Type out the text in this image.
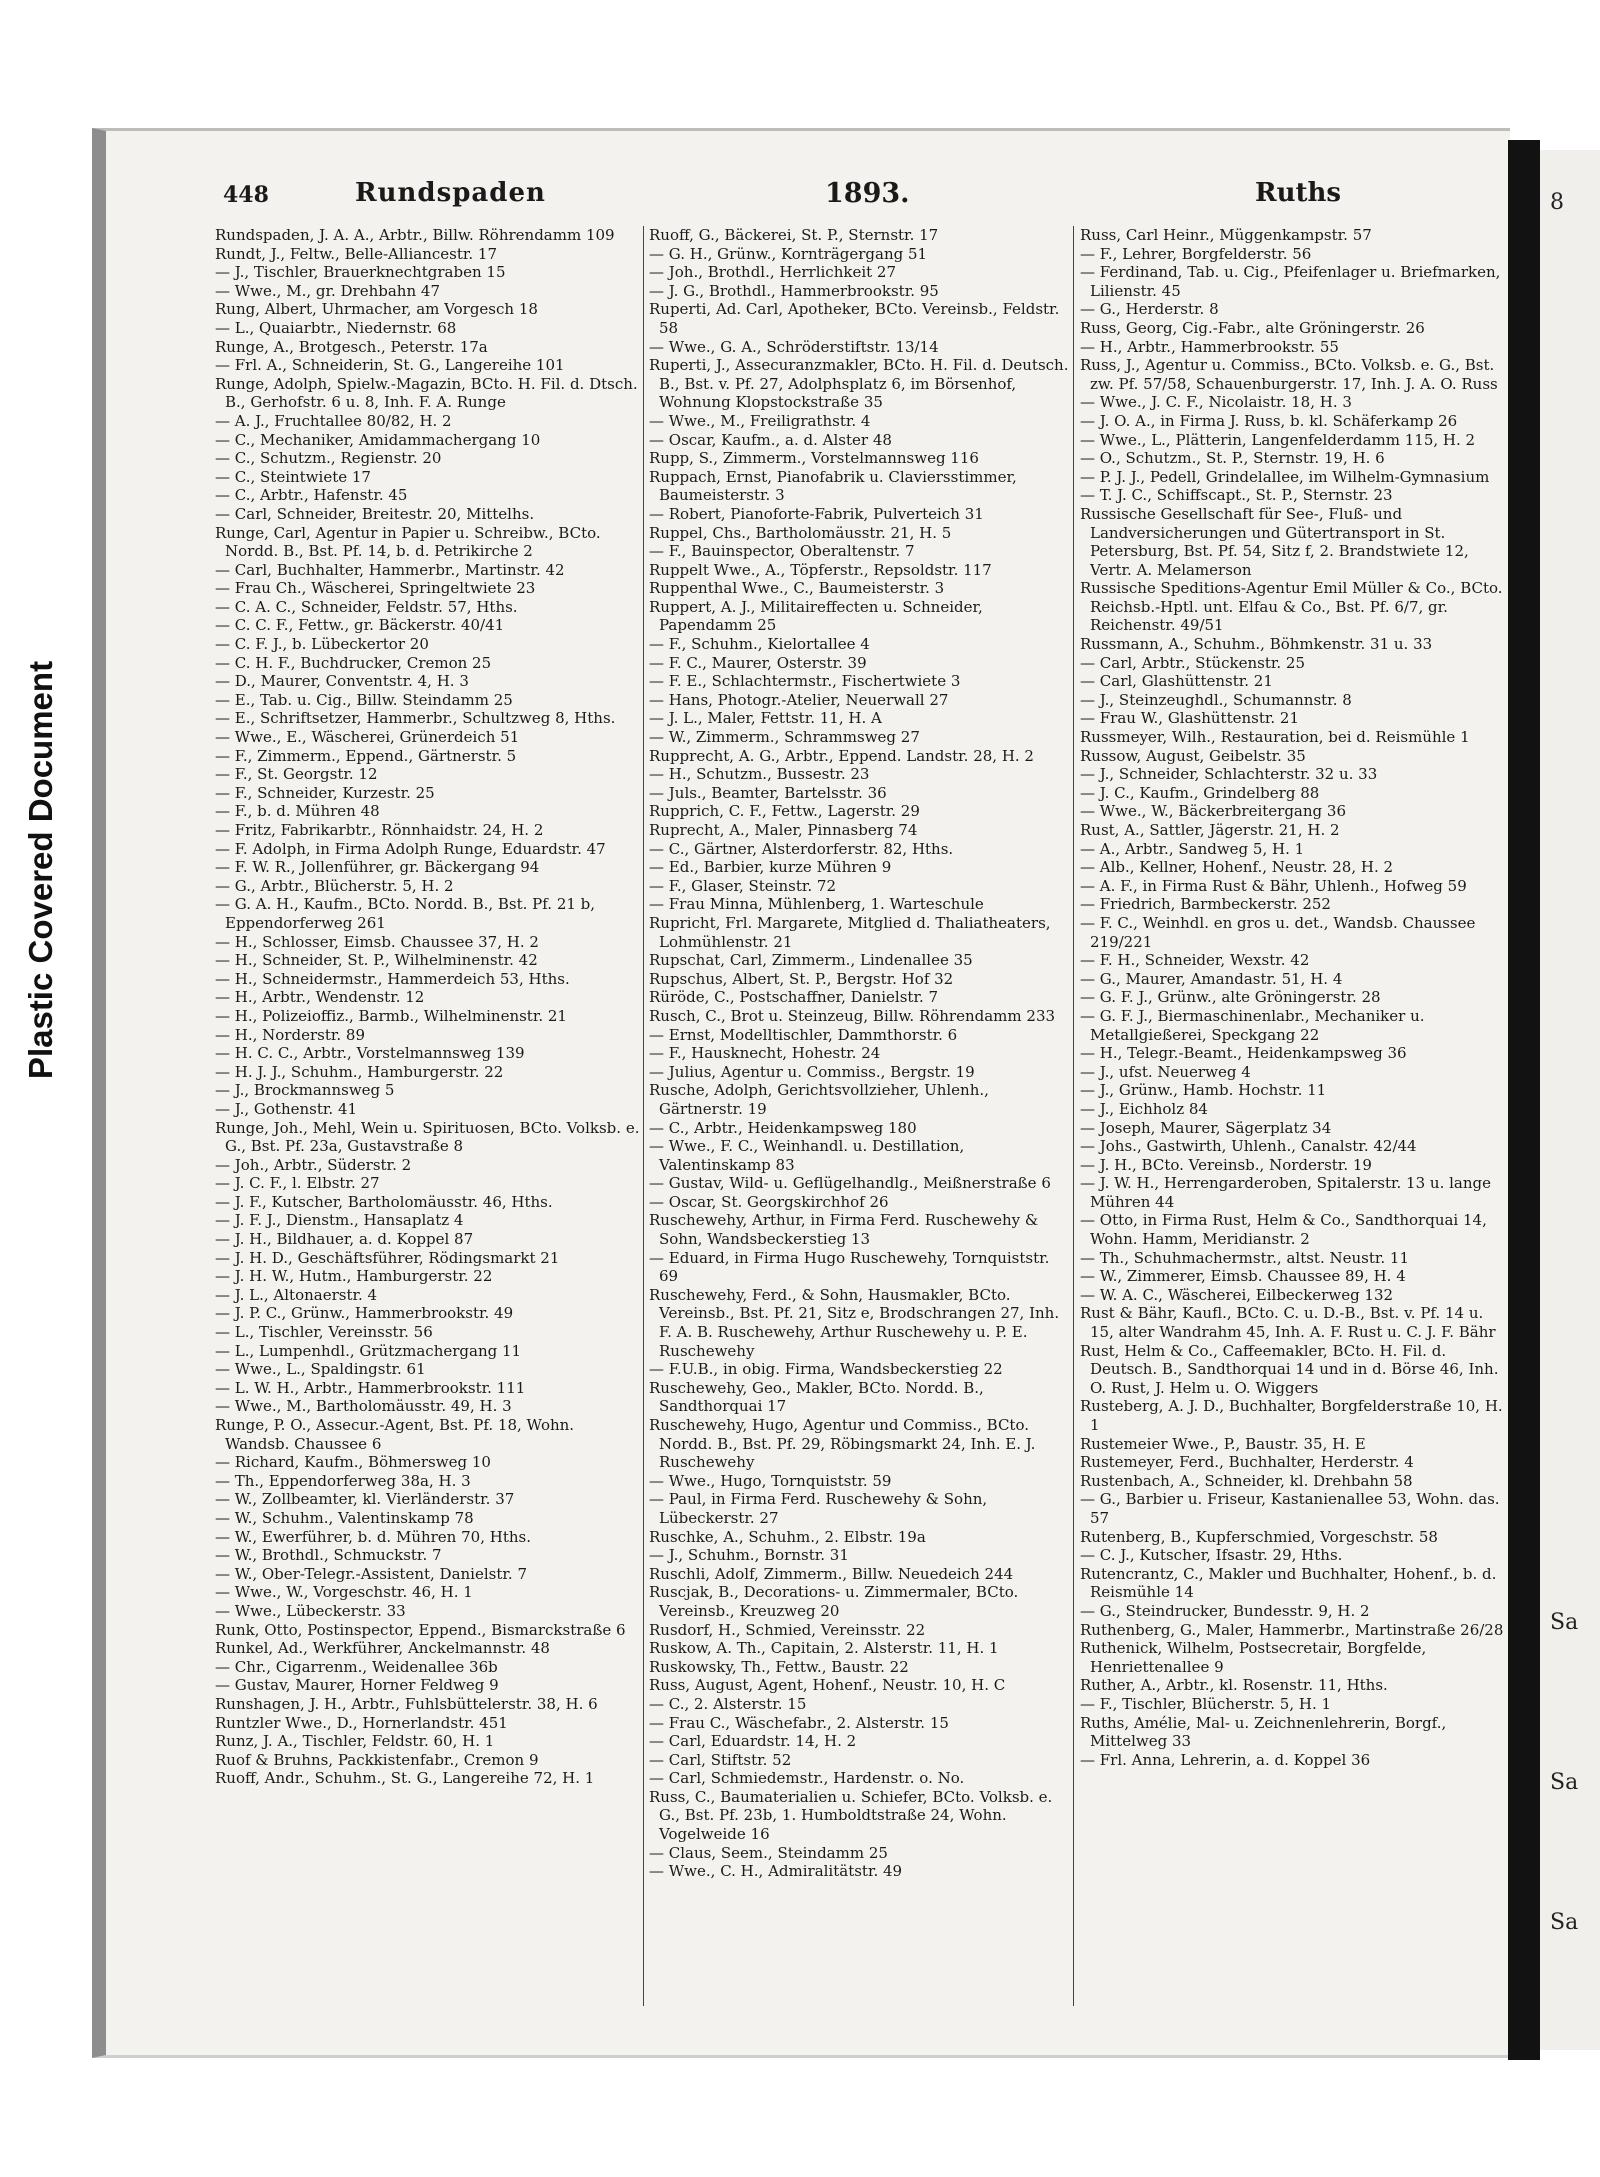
Plastic Covered Document
8
Sa
Sa
Sa
448	Rundspaden	1893.	Ruths
Rundspaden, J. A. A., Arbtr., Billw. Röhrendamm 109
Rundt, J., Feltw., Belle-Alliancestr. 17
— J., Tischler, Brauerknechtgraben 15
— Wwe., M., gr. Drehbahn 47
Rung, Albert, Uhrmacher, am Vorgesch 18
— L., Quaiarbtr., Niedernstr. 68
Runge, A., Brotgesch., Peterstr. 17a
— Frl. A., Schneiderin, St. G., Langereihe 101
Runge, Adolph, Spielw.-Magazin, BCto. H. Fil. d. Dtsch. B., Gerhofstr. 6 u. 8, Inh. F. A. Runge
— A. J., Fruchtallee 80/82, H. 2
— C., Mechaniker, Amidammachergang 10
— C., Schutzm., Regienstr. 20
— C., Steintwiete 17
— C., Arbtr., Hafenstr. 45
— Carl, Schneider, Breitestr. 20, Mittelhs.
Runge, Carl, Agentur in Papier u. Schreibw., BCto. Nordd. B., Bst. Pf. 14, b. d. Petrikirche 2
— Carl, Buchhalter, Hammerbr., Martinstr. 42
— Frau Ch., Wäscherei, Springeltwiete 23
— C. A. C., Schneider, Feldstr. 57, Hths.
— C. C. F., Fettw., gr. Bäckerstr. 40/41
— C. F. J., b. Lübeckertor 20
— C. H. F., Buchdrucker, Cremon 25
— D., Maurer, Conventstr. 4, H. 3
— E., Tab. u. Cig., Billw. Steindamm 25
— E., Schriftsetzer, Hammerbr., Schultzweg 8, Hths.
— Wwe., E., Wäscherei, Grünerdeich 51
— F., Zimmerm., Eppend., Gärtnerstr. 5
— F., St. Georgstr. 12
— F., Schneider, Kurzestr. 25
— F., b. d. Mühren 48
— Fritz, Fabrikarbtr., Rönnhaidstr. 24, H. 2
— F. Adolph, in Firma Adolph Runge, Eduardstr. 47
— F. W. R., Jollenführer, gr. Bäckergang 94
— G., Arbtr., Blücherstr. 5, H. 2
— G. A. H., Kaufm., BCto. Nordd. B., Bst. Pf. 21 b, Eppendorferweg 261
— H., Schlosser, Eimsb. Chaussee 37, H. 2
— H., Schneider, St. P., Wilhelminenstr. 42
— H., Schneidermstr., Hammerdeich 53, Hths.
— H., Arbtr., Wendenstr. 12
— H., Polizeioffiz., Barmb., Wilhelminenstr. 21
— H., Norderstr. 89
— H. C. C., Arbtr., Vorstelmannsweg 139
— H. J. J., Schuhm., Hamburgerstr. 22
— J., Brockmannsweg 5
— J., Gothenstr. 41
Runge, Joh., Mehl, Wein u. Spirituosen, BCto. Volksb. e. G., Bst. Pf. 23a, Gustavstraße 8
— Joh., Arbtr., Süderstr. 2
— J. C. F., l. Elbstr. 27
— J. F., Kutscher, Bartholomäusstr. 46, Hths.
— J. F. J., Dienstm., Hansaplatz 4
— J. H., Bildhauer, a. d. Koppel 87
— J. H. D., Geschäftsführer, Rödingsmarkt 21
— J. H. W., Hutm., Hamburgerstr. 22
— J. L., Altonaerstr. 4
— J. P. C., Grünw., Hammerbrookstr. 49
— L., Tischler, Vereinsstr. 56
— L., Lumpenhdl., Grützmachergang 11
— Wwe., L., Spaldingstr. 61
— L. W. H., Arbtr., Hammerbrookstr. 111
— Wwe., M., Bartholomäusstr. 49, H. 3
Runge, P. O., Assecur.-Agent, Bst. Pf. 18, Wohn. Wandsb. Chaussee 6
— Richard, Kaufm., Böhmersweg 10
— Th., Eppendorferweg 38a, H. 3
— W., Zollbeamter, kl. Vierländerstr. 37
— W., Schuhm., Valentinskamp 78
— W., Ewerführer, b. d. Mühren 70, Hths.
— W., Brothdl., Schmuckstr. 7
— W., Ober-Telegr.-Assistent, Danielstr. 7
— Wwe., W., Vorgeschstr. 46, H. 1
— Wwe., Lübeckerstr. 33
Runk, Otto, Postinspector, Eppend., Bismarckstraße 6
Runkel, Ad., Werkführer, Anckelmannstr. 48
— Chr., Cigarrenm., Weidenallee 36b
— Gustav, Maurer, Horner Feldweg 9
Runshagen, J. H., Arbtr., Fuhlsbüttelerstr. 38, H. 6
Runtzler Wwe., D., Hornerlandstr. 451
Runz, J. A., Tischler, Feldstr. 60, H. 1
Ruof & Bruhns, Packkistenfabr., Cremon 9
Ruoff, Andr., Schuhm., St. G., Langereihe 72, H. 1
Ruoff, G., Bäckerei, St. P., Sternstr. 17
— G. H., Grünw., Kornträgergang 51
— Joh., Brothdl., Herrlichkeit 27
— J. G., Brothdl., Hammerbrookstr. 95
Ruperti, Ad. Carl, Apotheker, BCto. Vereinsb., Feldstr. 58
— Wwe., G. A., Schröderstiftstr. 13/14
Ruperti, J., Assecuranzmakler, BCto. H. Fil. d. Deutsch. B., Bst. v. Pf. 27, Adolphsplatz 6, im Börsenhof, Wohnung Klopstockstraße 35
— Wwe., M., Freiligrathstr. 4
— Oscar, Kaufm., a. d. Alster 48
Rupp, S., Zimmerm., Vorstelmannsweg 116
Ruppach, Ernst, Pianofabrik u. Claviersstimmer, Baumeisterstr. 3
— Robert, Pianoforte-Fabrik, Pulverteich 31
Ruppel, Chs., Bartholomäusstr. 21, H. 5
— F., Bauinspector, Oberaltenstr. 7
Ruppelt Wwe., A., Töpferstr., Repsoldstr. 117
Ruppenthal Wwe., C., Baumeisterstr. 3
Ruppert, A. J., Militaireffecten u. Schneider, Papendamm 25
— F., Schuhm., Kielortallee 4
— F. C., Maurer, Osterstr. 39
— F. E., Schlachtermstr., Fischertwiete 3
— Hans, Photogr.-Atelier, Neuerwall 27
— J. L., Maler, Fettstr. 11, H. A
— W., Zimmerm., Schrammsweg 27
Rupprecht, A. G., Arbtr., Eppend. Landstr. 28, H. 2
— H., Schutzm., Bussestr. 23
— Juls., Beamter, Bartelsstr. 36
Rupprich, C. F., Fettw., Lagerstr. 29
Ruprecht, A., Maler, Pinnasberg 74
— C., Gärtner, Alsterdorferstr. 82, Hths.
— Ed., Barbier, kurze Mühren 9
— F., Glaser, Steinstr. 72
— Frau Minna, Mühlenberg, 1. Warteschule
Rupricht, Frl. Margarete, Mitglied d. Thaliatheaters, Lohmühlenstr. 21
Rupschat, Carl, Zimmerm., Lindenallee 35
Rupschus, Albert, St. P., Bergstr. Hof 32
Rüröde, C., Postschaffner, Danielstr. 7
Rusch, C., Brot u. Steinzeug, Billw. Röhrendamm 233
— Ernst, Modelltischler, Dammthorstr. 6
— F., Hausknecht, Hohestr. 24
— Julius, Agentur u. Commiss., Bergstr. 19
Rusche, Adolph, Gerichtsvollzieher, Uhlenh., Gärtnerstr. 19
— C., Arbtr., Heidenkampsweg 180
— Wwe., F. C., Weinhandl. u. Destillation, Valentinskamp 83
— Gustav, Wild- u. Geflügelhandlg., Meißnerstraße 6
— Oscar, St. Georgskirchhof 26
Ruschewehy, Arthur, in Firma Ferd. Ruschewehy & Sohn, Wandsbeckerstieg 13
— Eduard, in Firma Hugo Ruschewehy, Tornquiststr. 69
Ruschewehy, Ferd., & Sohn, Hausmakler, BCto. Vereinsb., Bst. Pf. 21, Sitz e, Brodschrangen 27, Inh. F. A. B. Ruschewehy, Arthur Ruschewehy u. P. E. Ruschewehy
— F.U.B., in obig. Firma, Wandsbeckerstieg 22
Ruschewehy, Geo., Makler, BCto. Nordd. B., Sandthorquai 17
Ruschewehy, Hugo, Agentur und Commiss., BCto. Nordd. B., Bst. Pf. 29, Röbingsmarkt 24, Inh. E. J. Ruschewehy
— Wwe., Hugo, Tornquiststr. 59
— Paul, in Firma Ferd. Ruschewehy & Sohn, Lübeckerstr. 27
Ruschke, A., Schuhm., 2. Elbstr. 19a
— J., Schuhm., Bornstr. 31
Ruschli, Adolf, Zimmerm., Billw. Neuedeich 244
Ruscjak, B., Decorations- u. Zimmermaler, BCto. Vereinsb., Kreuzweg 20
Rusdorf, H., Schmied, Vereinsstr. 22
Ruskow, A. Th., Capitain, 2. Alsterstr. 11, H. 1
Ruskowsky, Th., Fettw., Baustr. 22
Russ, August, Agent, Hohenf., Neustr. 10, H. C
— C., 2. Alsterstr. 15
— Frau C., Wäschefabr., 2. Alsterstr. 15
— Carl, Eduardstr. 14, H. 2
— Carl, Stiftstr. 52
— Carl, Schmiedemstr., Hardenstr. o. No.
Russ, C., Baumaterialien u. Schiefer, BCto. Volksb. e. G., Bst. Pf. 23b, 1. Humboldtstraße 24, Wohn. Vogelweide 16
— Claus, Seem., Steindamm 25
— Wwe., C. H., Admiralitätstr. 49
Russ, Carl Heinr., Müggenkampstr. 57
— F., Lehrer, Borgfelderstr. 56
— Ferdinand, Tab. u. Cig., Pfeifenlager u. Briefmarken, Lilienstr. 45
— G., Herderstr. 8
Russ, Georg, Cig.-Fabr., alte Gröningerstr. 26
— H., Arbtr., Hammerbrookstr. 55
Russ, J., Agentur u. Commiss., BCto. Volksb. e. G., Bst. zw. Pf. 57/58, Schauenburgerstr. 17, Inh. J. A. O. Russ
— Wwe., J. C. F., Nicolaistr. 18, H. 3
— J. O. A., in Firma J. Russ, b. kl. Schäferkamp 26
— Wwe., L., Plätterin, Langenfelderdamm 115, H. 2
— O., Schutzm., St. P., Sternstr. 19, H. 6
— P. J. J., Pedell, Grindelallee, im Wilhelm-Gymnasium
— T. J. C., Schiffscapt., St. P., Sternstr. 23
Russische Gesellschaft für See-, Fluß- und Landversicherungen und Gütertransport in St. Petersburg, Bst. Pf. 54, Sitz f, 2. Brandstwiete 12, Vertr. A. Melamerson
Russische Speditions-Agentur Emil Müller & Co., BCto. Reichsb.-Hptl. unt. Elfau & Co., Bst. Pf. 6/7, gr. Reichenstr. 49/51
Russmann, A., Schuhm., Böhmkenstr. 31 u. 33
— Carl, Arbtr., Stückenstr. 25
— Carl, Glashüttenstr. 21
— J., Steinzeughdl., Schumannstr. 8
— Frau W., Glashüttenstr. 21
Russmeyer, Wilh., Restauration, bei d. Reismühle 1
Russow, August, Geibelstr. 35
— J., Schneider, Schlachterstr. 32 u. 33
— J. C., Kaufm., Grindelberg 88
— Wwe., W., Bäckerbreitergang 36
Rust, A., Sattler, Jägerstr. 21, H. 2
— A., Arbtr., Sandweg 5, H. 1
— Alb., Kellner, Hohenf., Neustr. 28, H. 2
— A. F., in Firma Rust & Bähr, Uhlenh., Hofweg 59
— Friedrich, Barmbeckerstr. 252
— F. C., Weinhdl. en gros u. det., Wandsb. Chaussee 219/221
— F. H., Schneider, Wexstr. 42
— G., Maurer, Amandastr. 51, H. 4
— G. F. J., Grünw., alte Gröningerstr. 28
— G. F. J., Biermaschinenlabr., Mechaniker u. Metallgießerei, Speckgang 22
— H., Telegr.-Beamt., Heidenkampsweg 36
— J., ufst. Neuerweg 4
— J., Grünw., Hamb. Hochstr. 11
— J., Eichholz 84
— Joseph, Maurer, Sägerplatz 34
— Johs., Gastwirth, Uhlenh., Canalstr. 42/44
— J. H., BCto. Vereinsb., Norderstr. 19
— J. W. H., Herrengarderoben, Spitalerstr. 13 u. lange Mühren 44
— Otto, in Firma Rust, Helm & Co., Sandthorquai 14, Wohn. Hamm, Meridianstr. 2
— Th., Schuhmachermstr., altst. Neustr. 11
— W., Zimmerer, Eimsb. Chaussee 89, H. 4
— W. A. C., Wäscherei, Eilbeckerweg 132
Rust & Bähr, Kaufl., BCto. C. u. D.-B., Bst. v. Pf. 14 u. 15, alter Wandrahm 45, Inh. A. F. Rust u. C. J. F. Bähr
Rust, Helm & Co., Caffeemakler, BCto. H. Fil. d. Deutsch. B., Sandthorquai 14 und in d. Börse 46, Inh. O. Rust, J. Helm u. O. Wiggers
Rusteberg, A. J. D., Buchhalter, Borgfelderstraße 10, H. 1
Rustemeier Wwe., P., Baustr. 35, H. E
Rustemeyer, Ferd., Buchhalter, Herderstr. 4
Rustenbach, A., Schneider, kl. Drehbahn 58
— G., Barbier u. Friseur, Kastanienallee 53, Wohn. das. 57
Rutenberg, B., Kupferschmied, Vorgeschstr. 58
— C. J., Kutscher, Ifsastr. 29, Hths.
Rutencrantz, C., Makler und Buchhalter, Hohenf., b. d. Reismühle 14
— G., Steindrucker, Bundesstr. 9, H. 2
Ruthenberg, G., Maler, Hammerbr., Martinstraße 26/28
Ruthenick, Wilhelm, Postsecretair, Borgfelde, Henriettenallee 9
Ruther, A., Arbtr., kl. Rosenstr. 11, Hths.
— F., Tischler, Blücherstr. 5, H. 1
Ruths, Amélie, Mal- u. Zeichnenlehrerin, Borgf., Mittelweg 33
— Frl. Anna, Lehrerin, a. d. Koppel 36
